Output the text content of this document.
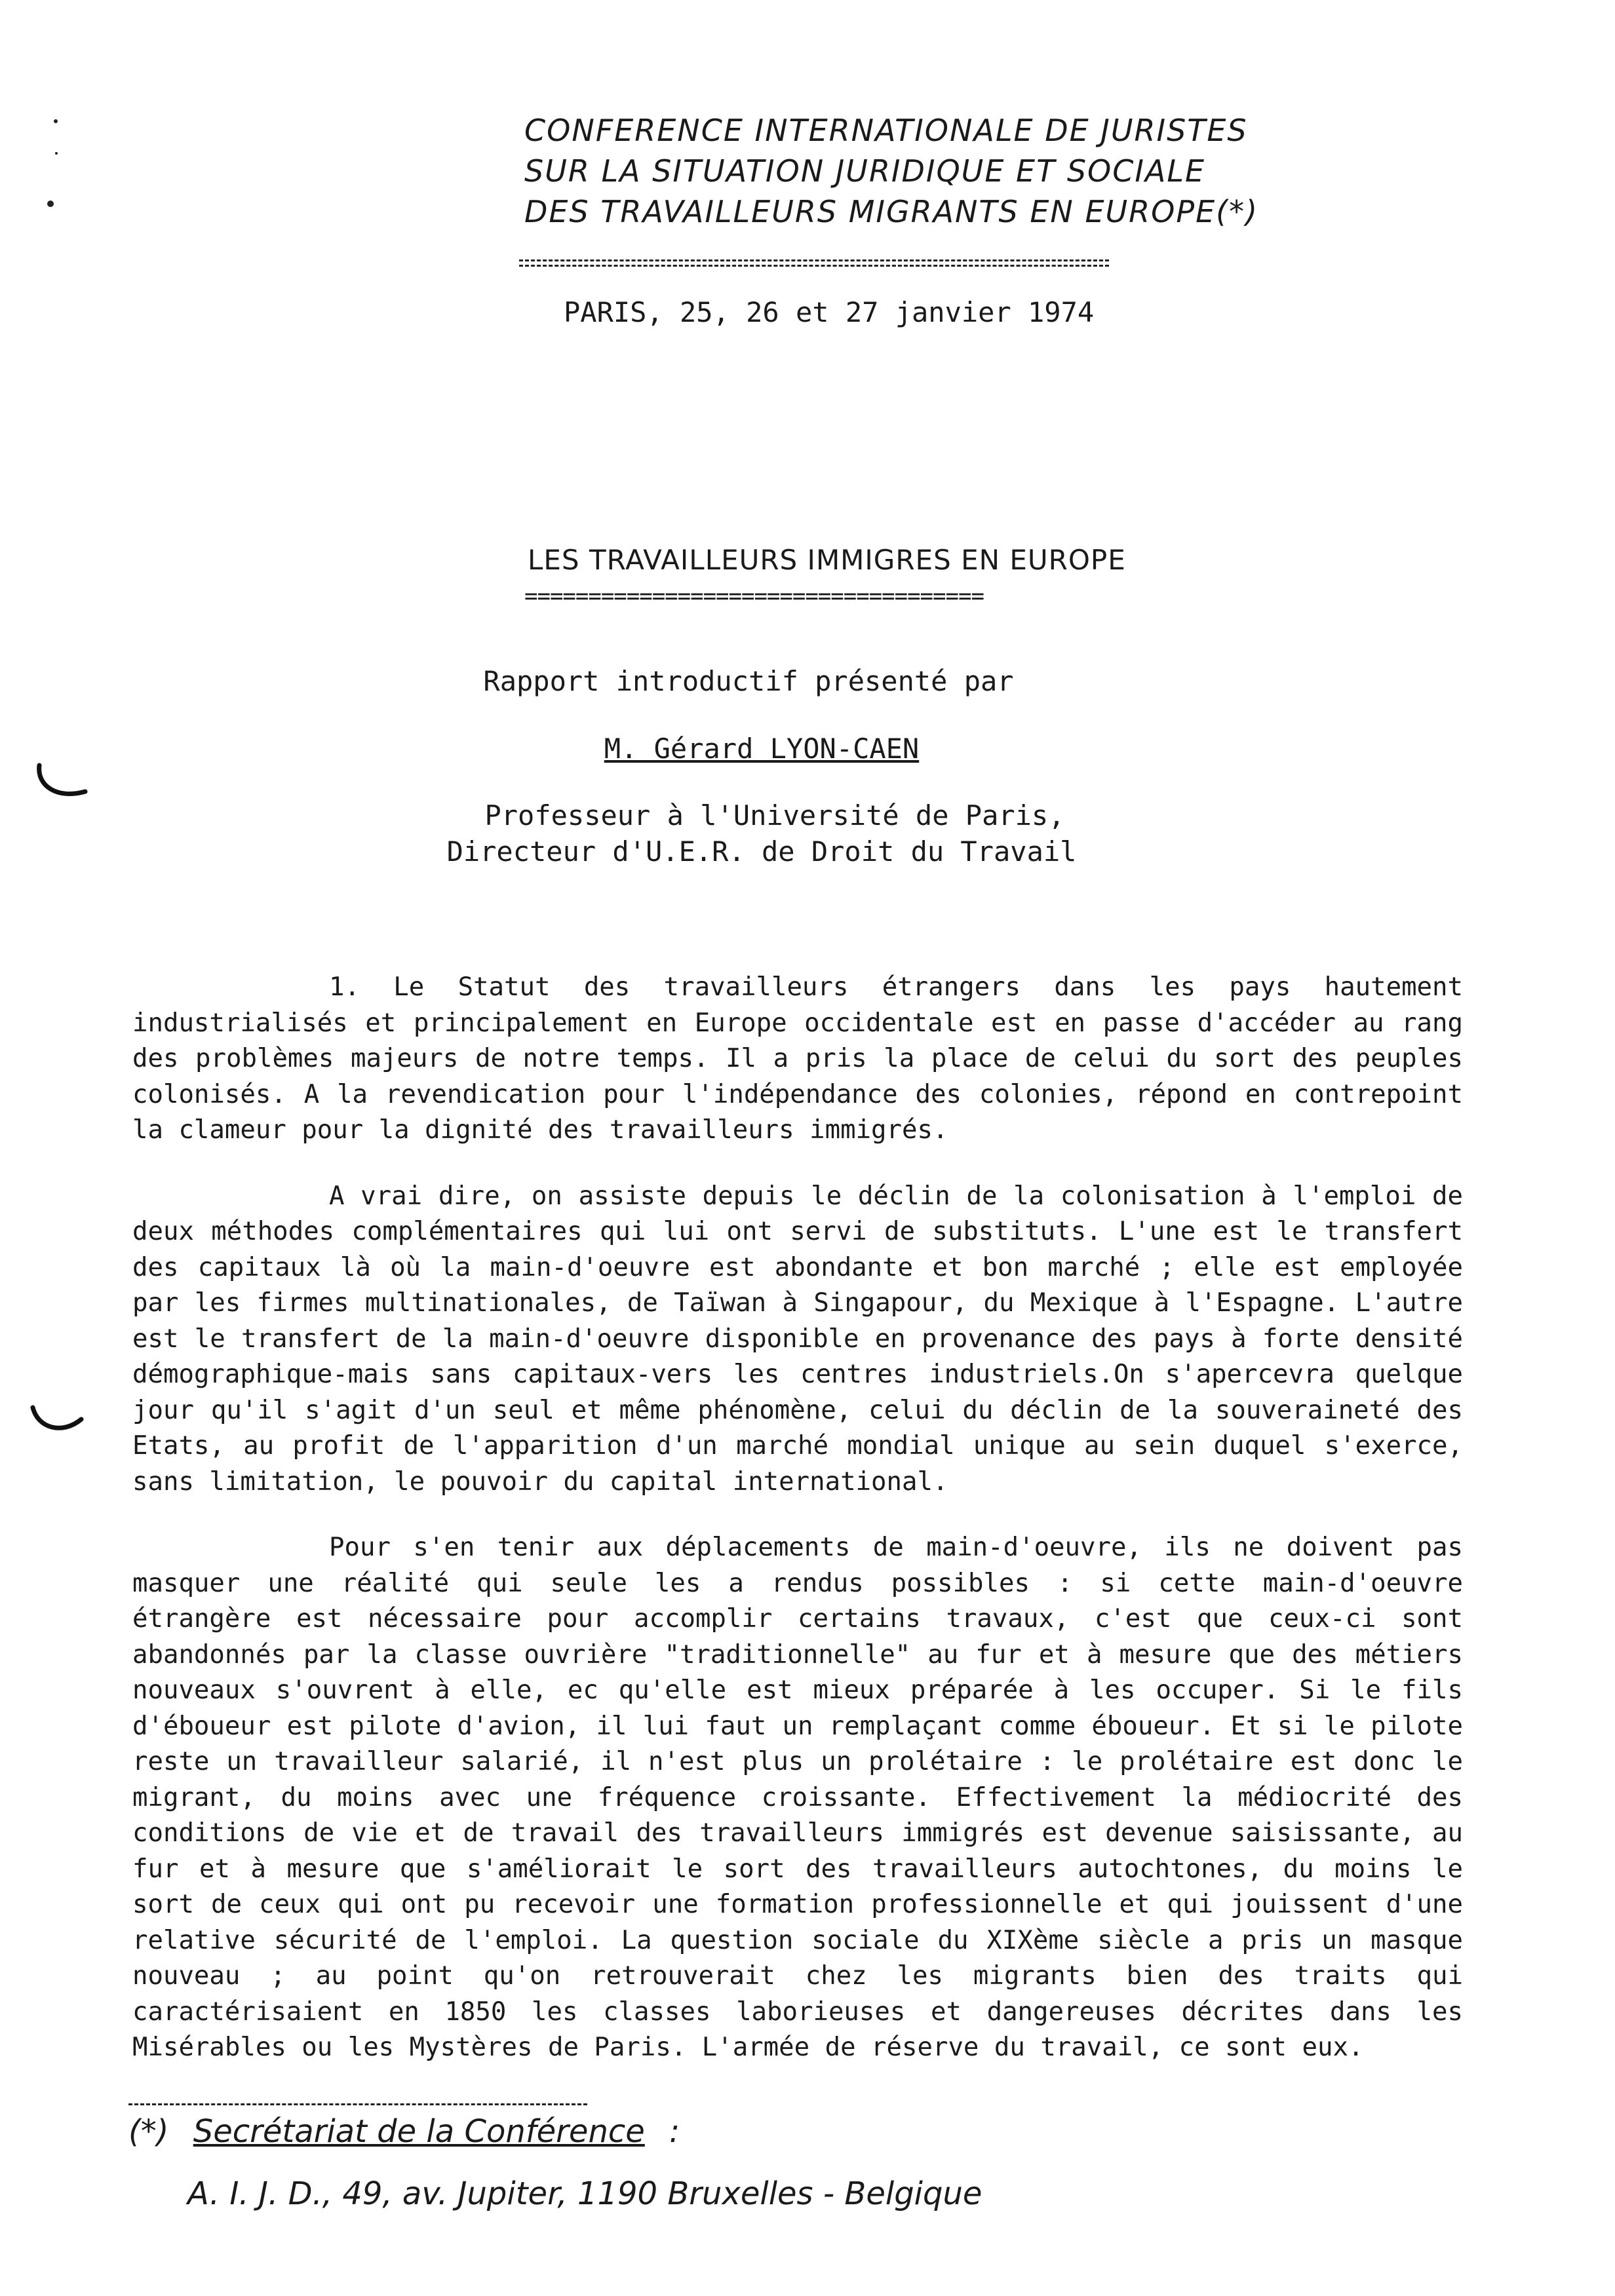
CONFERENCE INTERNATIONALE DE JURISTES
SUR LA SITUATION JURIDIQUE ET SOCIALE
DES TRAVAILLEURS MIGRANTS EN EUROPE(*)
PARIS, 25, 26 et 27 janvier 1974
LES TRAVAILLEURS IMMIGRES EN EUROPE
====================================
Rapport introductif présenté par
M. Gérard LYON-CAEN
Professeur à l'Université de Paris,
Directeur d'U.E.R. de Droit du Travail

1. Le Statut des travailleurs étrangers dans les pays hautement industrialisés et principalement en Europe occidentale est en passe d'accéder au rang des problèmes majeurs de notre temps. Il a pris la place de celui du sort des peuples colonisés. A la revendication pour l'indépendance des colonies, répond en contrepoint la clameur pour la dignité des travailleurs immigrés.

A vrai dire, on assiste depuis le déclin de la colonisation à l'emploi de deux méthodes complémentaires qui lui ont servi de substituts. L'une est le transfert des capitaux là où la main-d'oeuvre est abondante et bon marché ; elle est employée par les firmes multinationales, de Taïwan à Singapour, du Mexique à l'Espagne. L'autre est le transfert de la main-d'oeuvre disponible en provenance des pays à forte densité démographique-mais sans capitaux-vers les centres industriels.On s'apercevra quelque jour qu'il s'agit d'un seul et même phénomène, celui du déclin de la souveraineté des Etats, au profit de l'apparition d'un marché mondial unique au sein duquel s'exerce, sans limitation, le pouvoir du capital international.

Pour s'en tenir aux déplacements de main-d'oeuvre, ils ne doivent pas masquer une réalité qui seule les a rendus possibles : si cette main-d'oeuvre étrangère est nécessaire pour accomplir certains travaux, c'est que ceux-ci sont abandonnés par la classe ouvrière "traditionnelle" au fur et à mesure que des métiers nouveaux s'ouvrent à elle, ec qu'elle est mieux préparée à les occuper. Si le fils d'éboueur est pilote d'avion, il lui faut un remplaçant comme éboueur. Et si le pilote reste un travailleur salarié, il n'est plus un prolétaire : le prolétaire est donc le migrant, du moins avec une fréquence croissante. Effectivement la médiocrité des conditions de vie et de travail des travailleurs immigrés est devenue saisissante, au fur et à mesure que s'améliorait le sort des travailleurs autochtones, du moins le sort de ceux qui ont pu recevoir une formation professionnelle et qui jouissent d'une relative sécurité de l'emploi. La question sociale du XIXème siècle a pris un masque nouveau ; au point qu'on retrouverait chez les migrants bien des traits qui caractérisaient en 1850 les classes laborieuses et dangereuses décrites dans les Misérables ou les Mystères de Paris. L'armée de réserve du travail, ce sont eux.

(*) Secrétariat de la Conférence :
A. I. J. D., 49, av. Jupiter, 1190 Bruxelles - Belgique
